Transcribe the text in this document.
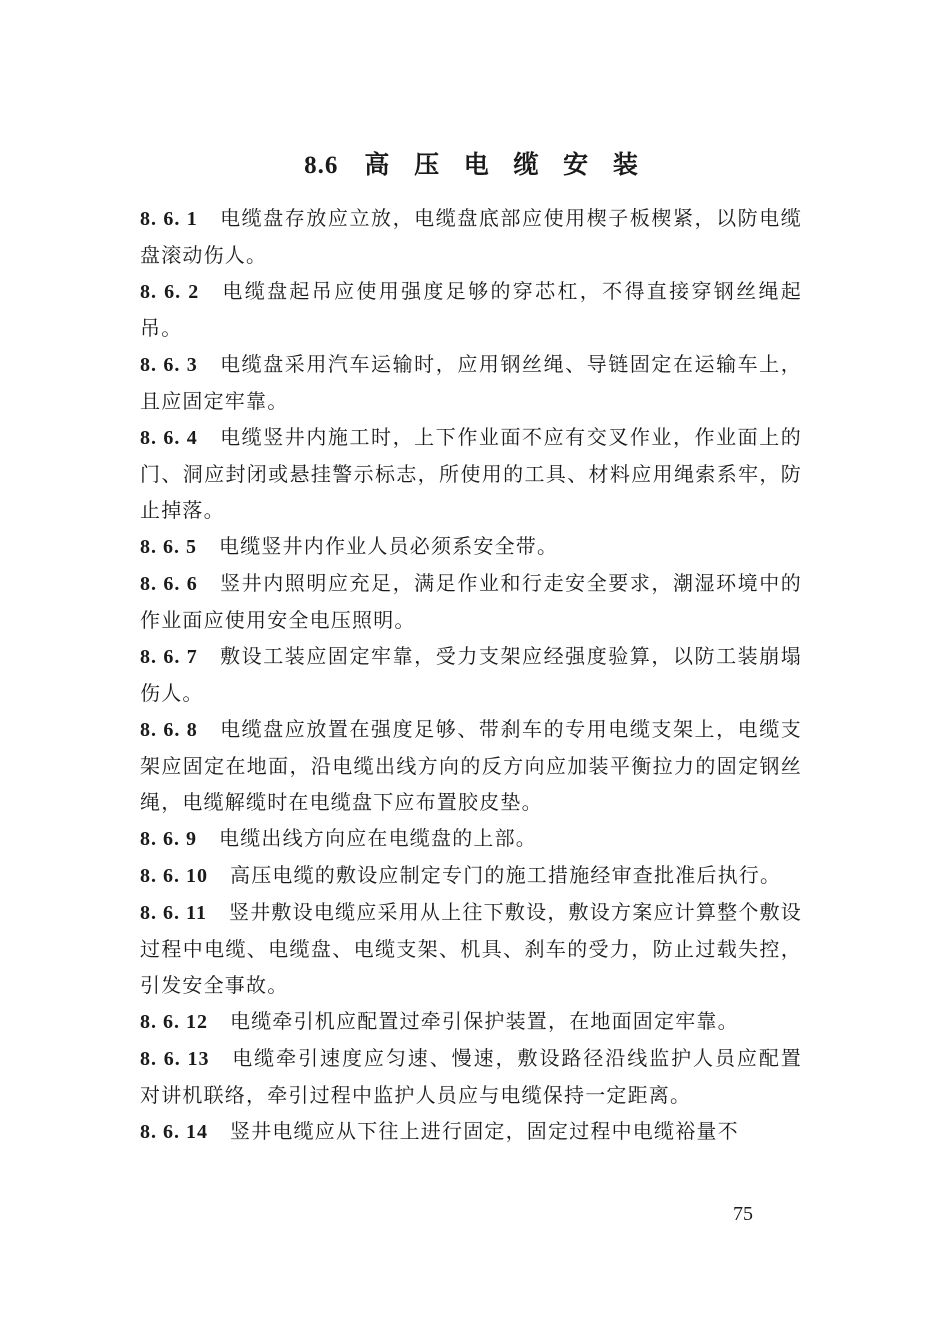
8.6 高 压 电 缆 安 装

8. 6. 1 电缆盘存放应立放，电缆盘底部应使用楔子板楔紧，以防电缆盘滚动伤人。

8. 6. 2 电缆盘起吊应使用强度足够的穿芯杠，不得直接穿钢丝绳起吊。

8. 6. 3 电缆盘采用汽车运输时，应用钢丝绳、导链固定在运输车上，且应固定牢靠。

8. 6. 4 电缆竖井内施工时，上下作业面不应有交叉作业，作业面上的门、洞应封闭或悬挂警示标志，所使用的工具、材料应用绳索系牢，防止掉落。

8. 6. 5 电缆竖井内作业人员必须系安全带。

8. 6. 6 竖井内照明应充足，满足作业和行走安全要求，潮湿环境中的作业面应使用安全电压照明。

8. 6. 7 敷设工装应固定牢靠，受力支架应经强度验算，以防工装崩塌伤人。

8. 6. 8 电缆盘应放置在强度足够、带刹车的专用电缆支架上，电缆支架应固定在地面，沿电缆出线方向的反方向应加装平衡拉力的固定钢丝绳，电缆解缆时在电缆盘下应布置胶皮垫。

8. 6. 9 电缆出线方向应在电缆盘的上部。

8. 6. 10 高压电缆的敷设应制定专门的施工措施经审查批准后执行。

8. 6. 11 竖井敷设电缆应采用从上往下敷设，敷设方案应计算整个敷设过程中电缆、电缆盘、电缆支架、机具、刹车的受力，防止过载失控，引发安全事故。

8. 6. 12 电缆牵引机应配置过牵引保护装置，在地面固定牢靠。

8. 6. 13 电缆牵引速度应匀速、慢速，敷设路径沿线监护人员应配置对讲机联络，牵引过程中监护人员应与电缆保持一定距离。

8. 6. 14 竖井电缆应从下往上进行固定，固定过程中电缆裕量不

75
